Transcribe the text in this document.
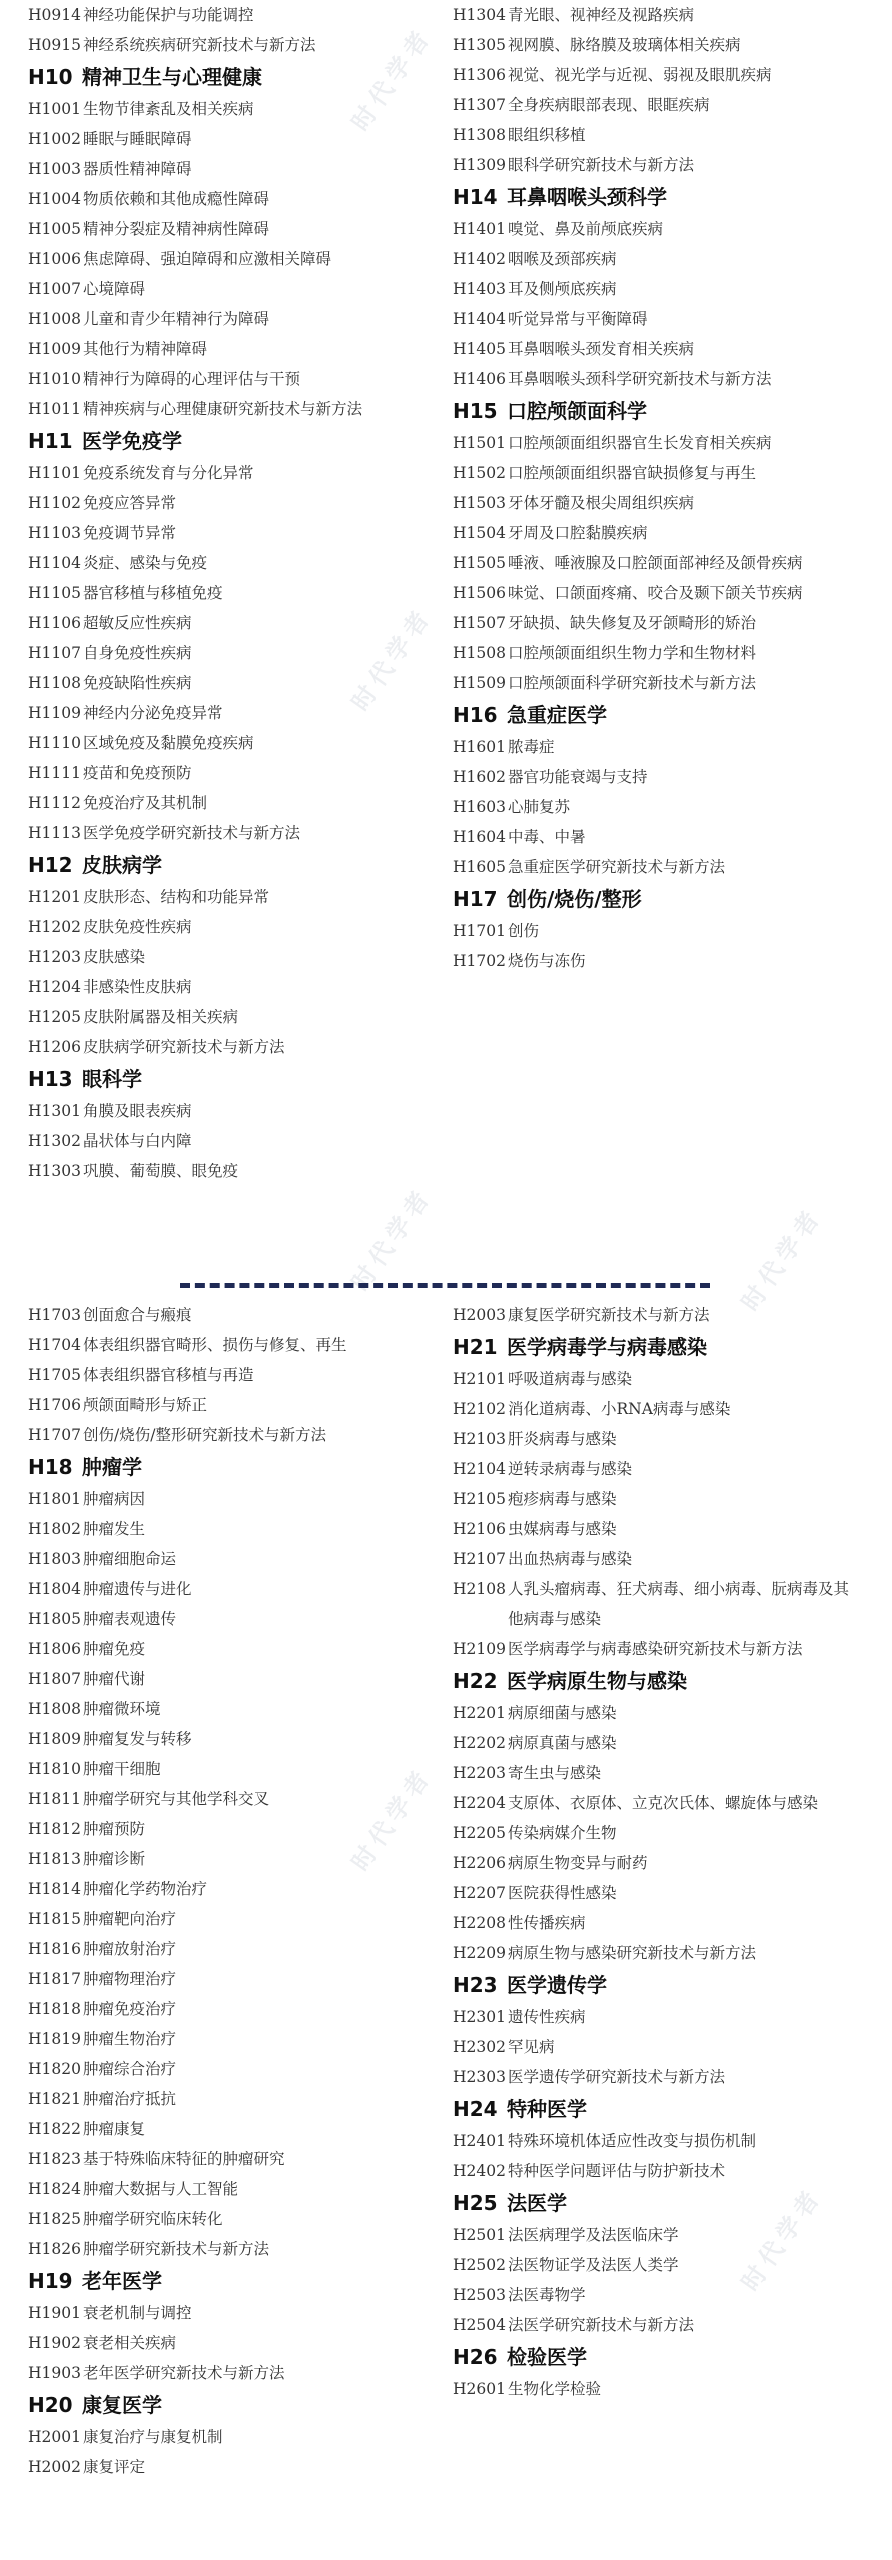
时代学者
时代学者
时代学者
时代学者
时代学者
时代学者
H0914 神经功能保护与功能调控
H0915 神经系统疾病研究新技术与新方法
H10 精神卫生与心理健康
H1001 生物节律紊乱及相关疾病
H1002 睡眠与睡眠障碍
H1003 器质性精神障碍
H1004 物质依赖和其他成瘾性障碍
H1005 精神分裂症及精神病性障碍
H1006 焦虑障碍、强迫障碍和应激相关障碍
H1007 心境障碍
H1008 儿童和青少年精神行为障碍
H1009 其他行为精神障碍
H1010 精神行为障碍的心理评估与干预
H1011 精神疾病与心理健康研究新技术与新方法
H11 医学免疫学
H1101 免疫系统发育与分化异常
H1102 免疫应答异常
H1103 免疫调节异常
H1104 炎症、感染与免疫
H1105 器官移植与移植免疫
H1106 超敏反应性疾病
H1107 自身免疫性疾病
H1108 免疫缺陷性疾病
H1109 神经内分泌免疫异常
H1110 区域免疫及黏膜免疫疾病
H1111 疫苗和免疫预防
H1112 免疫治疗及其机制
H1113 医学免疫学研究新技术与新方法
H12 皮肤病学
H1201 皮肤形态、结构和功能异常
H1202 皮肤免疫性疾病
H1203 皮肤感染
H1204 非感染性皮肤病
H1205 皮肤附属器及相关疾病
H1206 皮肤病学研究新技术与新方法
H13 眼科学
H1301 角膜及眼表疾病
H1302 晶状体与白内障
H1303 巩膜、葡萄膜、眼免疫
H1304 青光眼、视神经及视路疾病
H1305 视网膜、脉络膜及玻璃体相关疾病
H1306 视觉、视光学与近视、弱视及眼肌疾病
H1307 全身疾病眼部表现、眼眶疾病
H1308 眼组织移植
H1309 眼科学研究新技术与新方法
H14 耳鼻咽喉头颈科学
H1401 嗅觉、鼻及前颅底疾病
H1402 咽喉及颈部疾病
H1403 耳及侧颅底疾病
H1404 听觉异常与平衡障碍
H1405 耳鼻咽喉头颈发育相关疾病
H1406 耳鼻咽喉头颈科学研究新技术与新方法
H15 口腔颅颌面科学
H1501 口腔颅颌面组织器官生长发育相关疾病
H1502 口腔颅颌面组织器官缺损修复与再生
H1503 牙体牙髓及根尖周组织疾病
H1504 牙周及口腔黏膜疾病
H1505 唾液、唾液腺及口腔颌面部神经及颌骨疾病
H1506 味觉、口颌面疼痛、咬合及颞下颌关节疾病
H1507 牙缺损、缺失修复及牙颌畸形的矫治
H1508 口腔颅颌面组织生物力学和生物材料
H1509 口腔颅颌面科学研究新技术与新方法
H16 急重症医学
H1601 脓毒症
H1602 器官功能衰竭与支持
H1603 心肺复苏
H1604 中毒、中暑
H1605 急重症医学研究新技术与新方法
H17 创伤/烧伤/整形
H1701 创伤
H1702 烧伤与冻伤
H1703 创面愈合与瘢痕
H1704 体表组织器官畸形、损伤与修复、再生
H1705 体表组织器官移植与再造
H1706 颅颌面畸形与矫正
H1707 创伤/烧伤/整形研究新技术与新方法
H18 肿瘤学
H1801 肿瘤病因
H1802 肿瘤发生
H1803 肿瘤细胞命运
H1804 肿瘤遗传与进化
H1805 肿瘤表观遗传
H1806 肿瘤免疫
H1807 肿瘤代谢
H1808 肿瘤微环境
H1809 肿瘤复发与转移
H1810 肿瘤干细胞
H1811 肿瘤学研究与其他学科交叉
H1812 肿瘤预防
H1813 肿瘤诊断
H1814 肿瘤化学药物治疗
H1815 肿瘤靶向治疗
H1816 肿瘤放射治疗
H1817 肿瘤物理治疗
H1818 肿瘤免疫治疗
H1819 肿瘤生物治疗
H1820 肿瘤综合治疗
H1821 肿瘤治疗抵抗
H1822 肿瘤康复
H1823 基于特殊临床特征的肿瘤研究
H1824 肿瘤大数据与人工智能
H1825 肿瘤学研究临床转化
H1826 肿瘤学研究新技术与新方法
H19 老年医学
H1901 衰老机制与调控
H1902 衰老相关疾病
H1903 老年医学研究新技术与新方法
H20 康复医学
H2001 康复治疗与康复机制
H2002 康复评定
H2003 康复医学研究新技术与新方法
H21 医学病毒学与病毒感染
H2101 呼吸道病毒与感染
H2102 消化道病毒、小RNA病毒与感染
H2103 肝炎病毒与感染
H2104 逆转录病毒与感染
H2105 疱疹病毒与感染
H2106 虫媒病毒与感染
H2107 出血热病毒与感染
H2108 人乳头瘤病毒、狂犬病毒、细小病毒、朊病毒及其他病毒与感染
H2109 医学病毒学与病毒感染研究新技术与新方法
H22 医学病原生物与感染
H2201 病原细菌与感染
H2202 病原真菌与感染
H2203 寄生虫与感染
H2204 支原体、衣原体、立克次氏体、螺旋体与感染
H2205 传染病媒介生物
H2206 病原生物变异与耐药
H2207 医院获得性感染
H2208 性传播疾病
H2209 病原生物与感染研究新技术与新方法
H23 医学遗传学
H2301 遗传性疾病
H2302 罕见病
H2303 医学遗传学研究新技术与新方法
H24 特种医学
H2401 特殊环境机体适应性改变与损伤机制
H2402 特种医学问题评估与防护新技术
H25 法医学
H2501 法医病理学及法医临床学
H2502 法医物证学及法医人类学
H2503 法医毒物学
H2504 法医学研究新技术与新方法
H26 检验医学
H2601 生物化学检验
